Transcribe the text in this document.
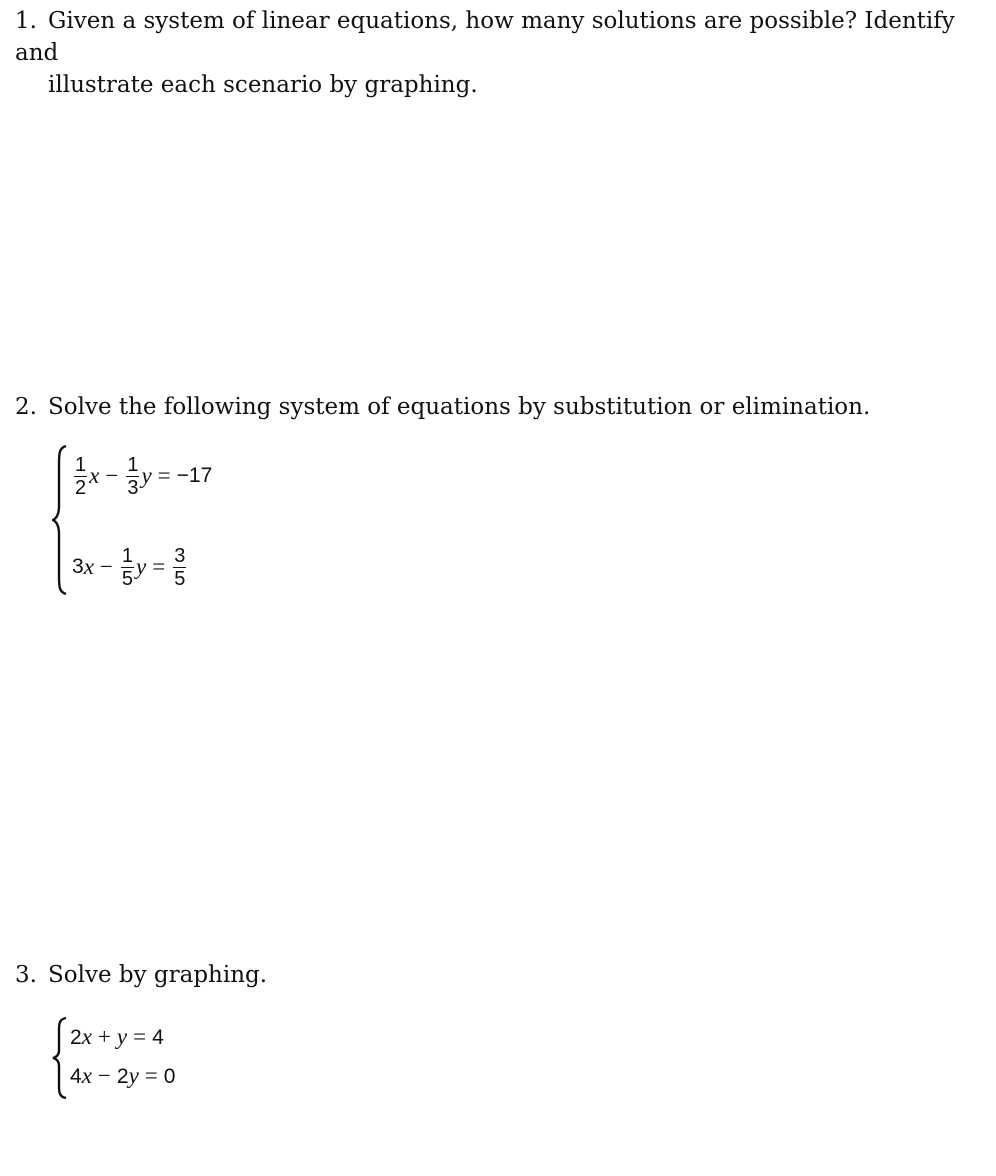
1. Given a system of linear equations, how many solutions are possible? Identify and
illustrate each scenario by graphing.
2. Solve the following system of equations by substitution or elimination.
$\frac{1}{2}$ $x - \frac{1}{3}$ y = −17
3 $x - \frac{1}{5}$ $y = \frac{3}{5}$
3. Solve by graphing.
2x + y = 4
4x − 2y = 0
